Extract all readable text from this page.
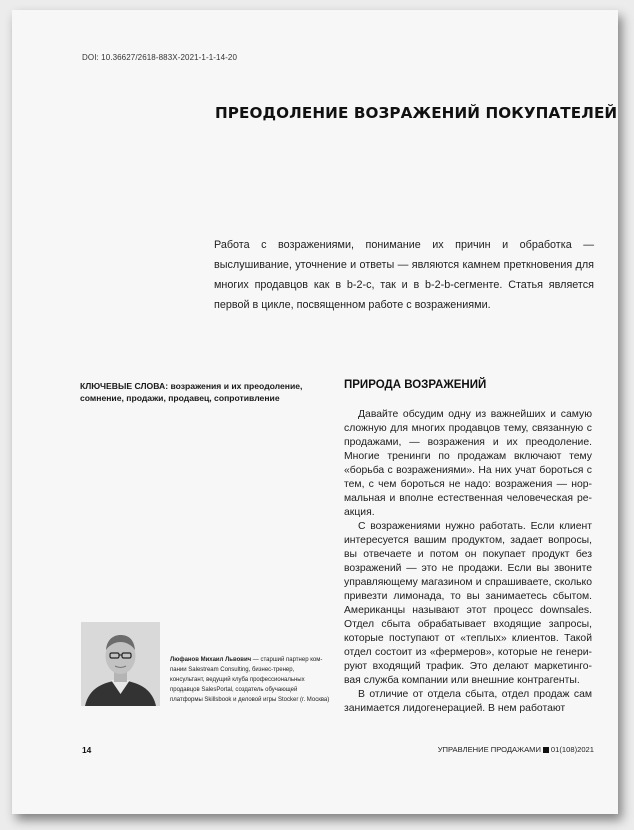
DOI: 10.36627/2618-883X-2021-1-1-14-20
ПРЕОДОЛЕНИЕ ВОЗРАЖЕНИЙ ПОКУПАТЕЛЕЙ
Работа с возражениями, понимание их причин и обработка — выслушивание, уточнение и ответы — являются камнем преткновения для многих продавцов как в b-2-c, так и в b-2-b-сегменте. Статья является первой в цикле, посвященном работе с возражениями.
КЛЮЧЕВЫЕ СЛОВА: возражения и их преодоление, сомнение, продажи, продавец, сопротивление
Люфанов Михаил Львович — старший партнер компании Salestream Consulting, бизнес-тренер, консультант, ведущий клуба профессиональных продавцов SalesPortal, создатель обучающей платформы Skillsbook и деловой игры Stocker (г. Москва)
ПРИРОДА ВОЗРАЖЕНИЙ

Давайте обсудим одну из важнейших и самую сложную для многих продавцов тему, связанную с продажами, — возражения и их преодоление. Многие тренинги по продажам включают тему «борьба с возражениями». На них учат бороться с тем, с чем бороться не надо: возражения — нормальная и вполне естественная человеческая реакция.

С возражениями нужно работать. Если клиент интересуется вашим продуктом, задает вопросы, вы отвечаете и потом он покупает продукт без возражений — это не продажи. Если вы звоните управляющему магазином и спрашиваете, сколько привезти лимонада, то вы занимаетесь сбытом. Американцы называют этот процесс downsales. Отдел сбыта обрабатывает входящие запросы, которые поступают от «теплых» клиентов. Такой отдел состоит из «фермеров», которые не генерируют входящий трафик. Это делают маркетинговая служба компании или внешние контрагенты.

В отличие от отдела сбыта, отдел продаж сам занимается лидогенерацией. В нем работают

14	УПРАВЛЕНИЕ ПРОДАЖАМИ 01(108)2021
